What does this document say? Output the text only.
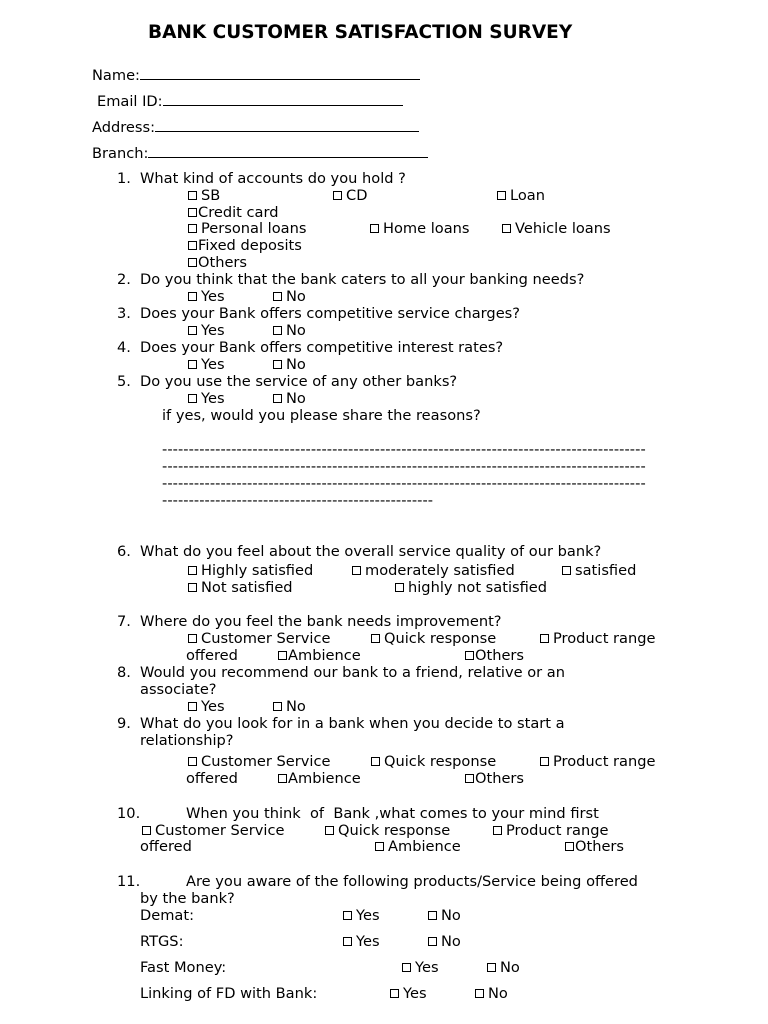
BANK CUSTOMER SATISFACTION SURVEY
Name:
Email ID:
Address:
Branch:
1. What kind of accounts do you hold ?
SB	CD	Loan
Credit card
Personal loans	Home loans	Vehicle loans
Fixed deposits
Others
2. Do you think that the bank caters to all your banking needs?
Yes	No
3. Does your Bank offers competitive service charges?
Yes	No
4. Does your Bank offers competitive interest rates?
Yes	No
5. Do you use the service of any other banks?
Yes	No
if yes, would you please share the reasons?
-------------------------------------------------------------------------------------------
-------------------------------------------------------------------------------------------
-------------------------------------------------------------------------------------------
---------------------------------------------------
6. What do you feel about the overall service quality of our bank?
Highly satisfied	moderately satisfied	satisfied
Not satisfied	highly not satisfied
7. Where do you feel the bank needs improvement?
Customer Service	Quick response	Product range
offered	Ambience	Others
8. Would you recommend our bank to a friend, relative or an
associate?
Yes	No
9. What do you look for in a bank when you decide to start a
relationship?
Customer Service	Quick response	Product range
offered	Ambience	Others
10.	When you think  of  Bank ,what comes to your mind first
Customer Service	Quick response	Product range
offered	Ambience	Others
11.	Are you aware of the following products/Service being offered
by the bank?
Demat:	Yes	No
RTGS:	Yes	No
Fast Money:	Yes	No
Linking of FD with Bank:	Yes	No
